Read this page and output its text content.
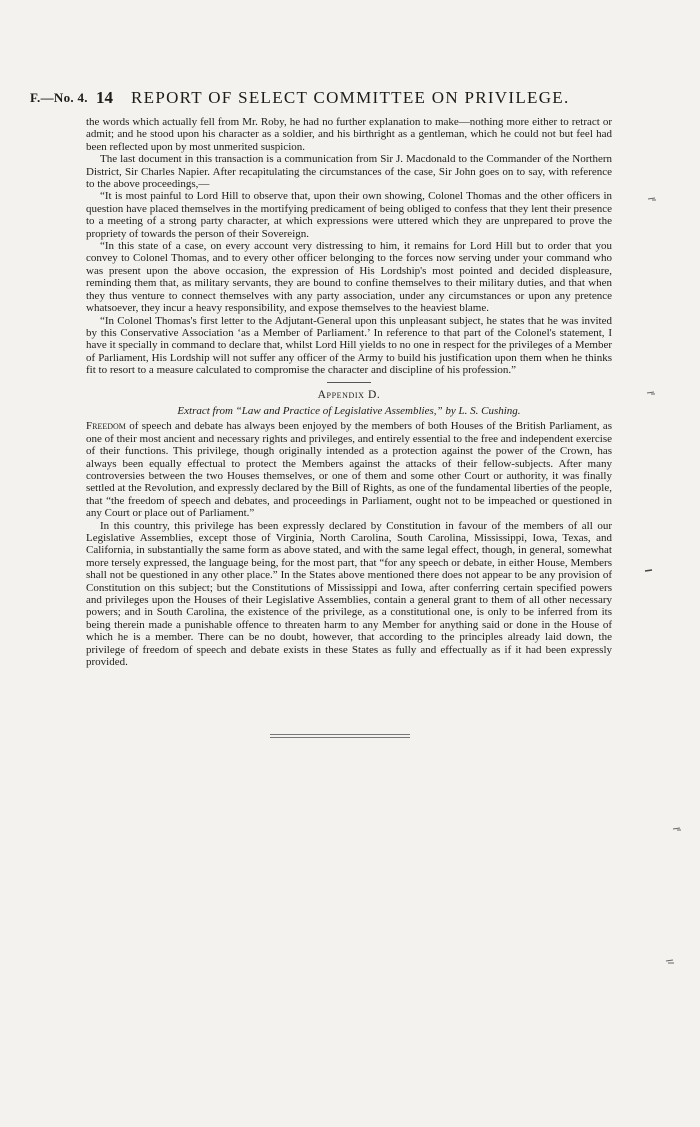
F.—No. 4. 14 REPORT OF SELECT COMMITTEE ON PRIVILEGE.

the words which actually fell from Mr. Roby, he had no further explanation to make—nothing more either to retract or admit; and he stood upon his character as a soldier, and his birthright as a gentleman, which he could not but feel had been reflected upon by most unmerited suspicion.

The last document in this transaction is a communication from Sir J. Macdonald to the Commander of the Northern District, Sir Charles Napier. After recapitulating the circumstances of the case, Sir John goes on to say, with reference to the above proceedings,—

“It is most painful to Lord Hill to observe that, upon their own showing, Colonel Thomas and the other officers in question have placed themselves in the mortifying predicament of being obliged to confess that they lent their presence to a meeting of a strong party character, at which expressions were uttered which they are unprepared to prove the propriety of towards the person of their Sovereign.

“In this state of a case, on every account very distressing to him, it remains for Lord Hill but to order that you convey to Colonel Thomas, and to every other officer belonging to the forces now serving under your command who was present upon the above occasion, the expression of His Lordship's most pointed and decided displeasure, reminding them that, as military servants, they are bound to confine themselves to their military duties, and that when they thus venture to connect themselves with any party association, under any circumstances or upon any pretence whatsoever, they incur a heavy responsibility, and expose themselves to the heaviest blame.

“In Colonel Thomas's first letter to the Adjutant-General upon this unpleasant subject, he states that he was invited by this Conservative Association ‘as a Member of Parliament.’ In reference to that part of the Colonel's statement, I have it specially in command to declare that, whilst Lord Hill yields to no one in respect for the privileges of a Member of Parliament, His Lordship will not suffer any officer of the Army to build his justification upon them when he thinks fit to resort to a measure calculated to compromise the character and discipline of his profession.”

Appendix D.
Extract from “Law and Practice of Legislative Assemblies,” by L. S. Cushing.

Freedom of speech and debate has always been enjoyed by the members of both Houses of the British Parliament, as one of their most ancient and necessary rights and privileges, and entirely essential to the free and independent exercise of their functions. This privilege, though originally intended as a protection against the power of the Crown, has always been equally effectual to protect the Members against the attacks of their fellow-subjects. After many controversies between the two Houses themselves, or one of them and some other Court or authority, it was finally settled at the Revolution, and expressly declared by the Bill of Rights, as one of the fundamental liberties of the people, that “the freedom of speech and debates, and proceedings in Parliament, ought not to be impeached or questioned in any Court or place out of Parliament.”

In this country, this privilege has been expressly declared by Constitution in favour of the members of all our Legislative Assemblies, except those of Virginia, North Carolina, South Carolina, Mississippi, Iowa, Texas, and California, in substantially the same form as above stated, and with the same legal effect, though, in general, somewhat more tersely expressed, the language being, for the most part, that “for any speech or debate, in either House, Members shall not be questioned in any other place.” In the States above mentioned there does not appear to be any provision of Constitution on this subject; but the Constitutions of Mississippi and Iowa, after conferring certain specified powers and privileges upon the Houses of their Legislative Assemblies, contain a general grant to them of all other necessary powers; and in South Carolina, the existence of the privilege, as a constitutional one, is only to be inferred from its being therein made a punishable offence to threaten harm to any Member for anything said or done in the House of which he is a member. There can be no doubt, however, that according to the principles already laid down, the privilege of freedom of speech and debate exists in these States as fully and effectually as if it had been expressly provided.
